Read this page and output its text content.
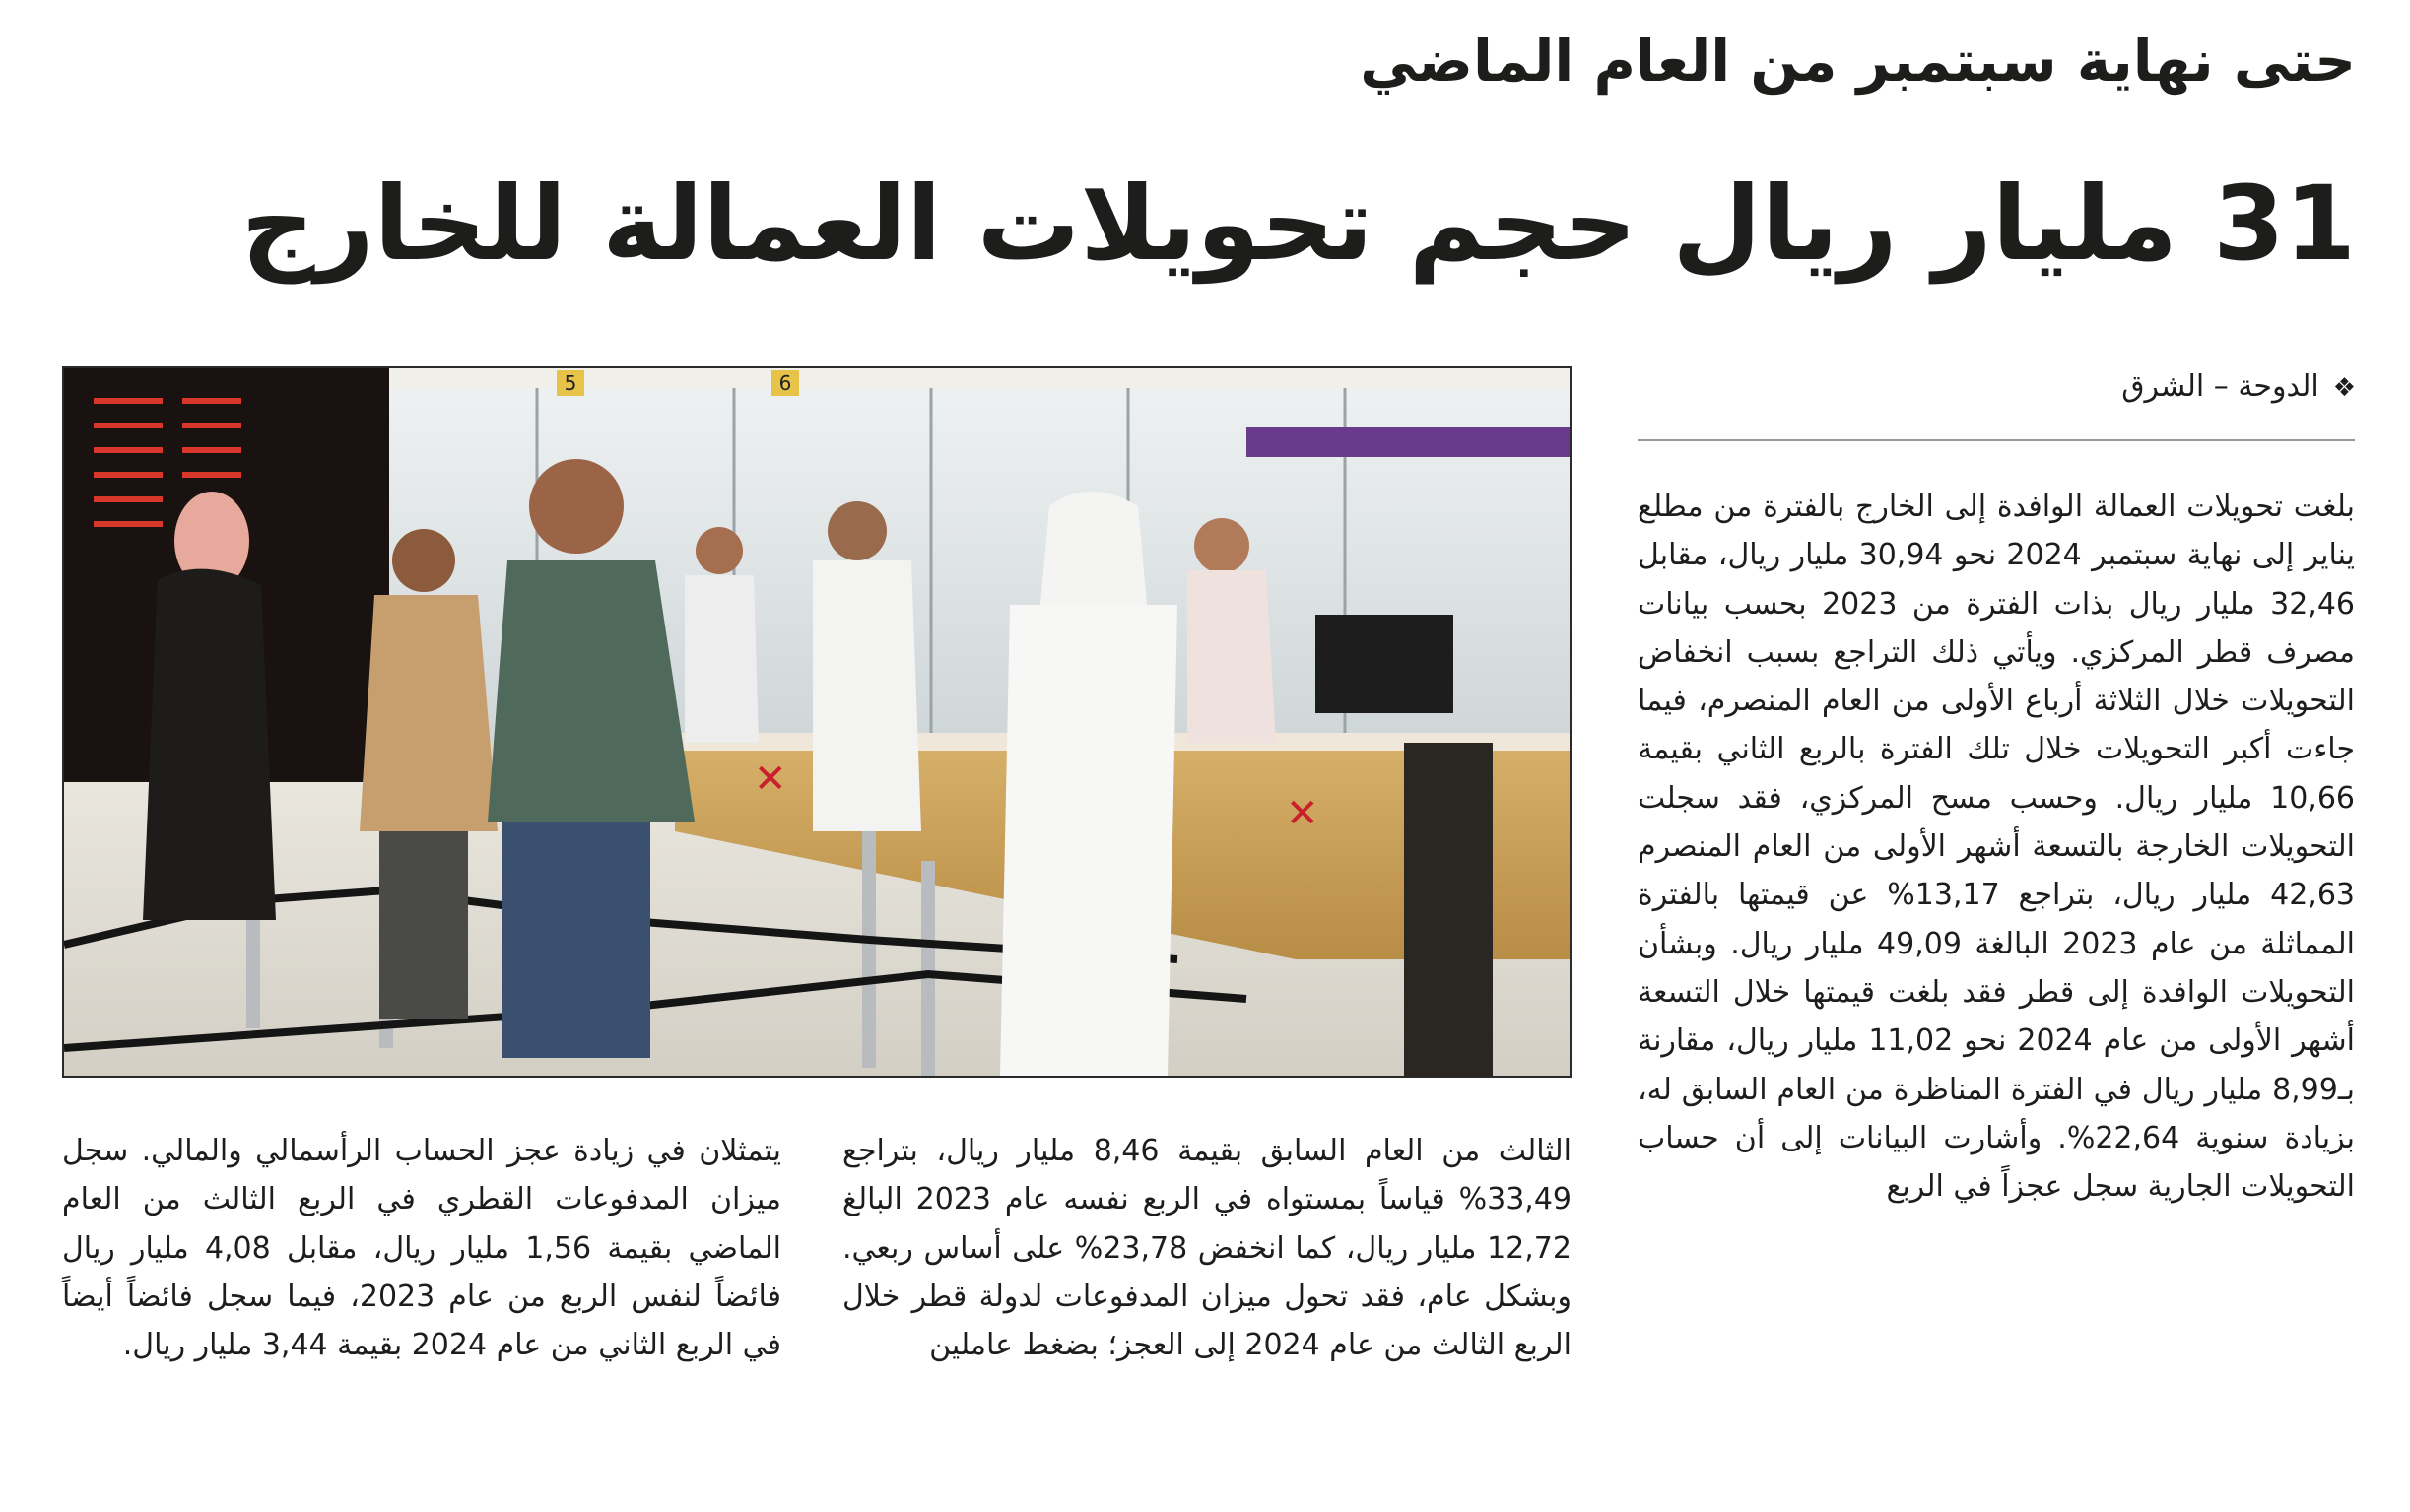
حتى نهاية سبتمبر من العام الماضي
31 مليار ريال حجم تحويلات العمالة للخارج
❖الدوحة – الشرق
5	6
✕
✕
بلغت تحويلات العمالة الوافدة إلى الخارج بالفترة من مطلع يناير إلى نهاية سبتمبر 2024 نحو 30,94 مليار ريال، مقابل 32,46 مليار ريال بذات الفترة من 2023 بحسب بيانات مصرف قطر المركزي. ويأتي ذلك التراجع بسبب انخفاض التحويلات خلال الثلاثة أرباع الأولى من العام المنصرم، فيما جاءت أكبر التحويلات خلال تلك الفترة بالربع الثاني بقيمة 10,66 مليار ريال. وحسب مسح المركزي، فقد سجلت التحويلات الخارجة بالتسعة أشهر الأولى من العام المنصرم 42,63 مليار ريال، بتراجع 13,17% عن قيمتها بالفترة المماثلة من عام 2023 البالغة 49,09 مليار ريال. وبشأن التحويلات الوافدة إلى قطر فقد بلغت قيمتها خلال التسعة أشهر الأولى من عام 2024 نحو 11,02 مليار ريال، مقارنة بـ8,99 مليار ريال في الفترة المناظرة من العام السابق له، بزيادة سنوية 22,64%. وأشارت البيانات إلى أن حساب التحويلات الجارية سجل عجزاً في الربع
الثالث من العام السابق بقيمة 8,46 مليار ريال، بتراجع 33,49% قياساً بمستواه في الربع نفسه عام 2023 البالغ 12,72 مليار ريال، كما انخفض 23,78% على أساس ربعي. وبشكل عام، فقد تحول ميزان المدفوعات لدولة قطر خلال الربع الثالث من عام 2024 إلى العجز؛ بضغط عاملين
يتمثلان في زيادة عجز الحساب الرأسمالي والمالي. سجل ميزان المدفوعات القطري في الربع الثالث من العام الماضي بقيمة 1,56 مليار ريال، مقابل 4,08 مليار ريال فائضاً لنفس الربع من عام 2023، فيما سجل فائضاً أيضاً في الربع الثاني من عام 2024 بقيمة 3,44 مليار ريال.
